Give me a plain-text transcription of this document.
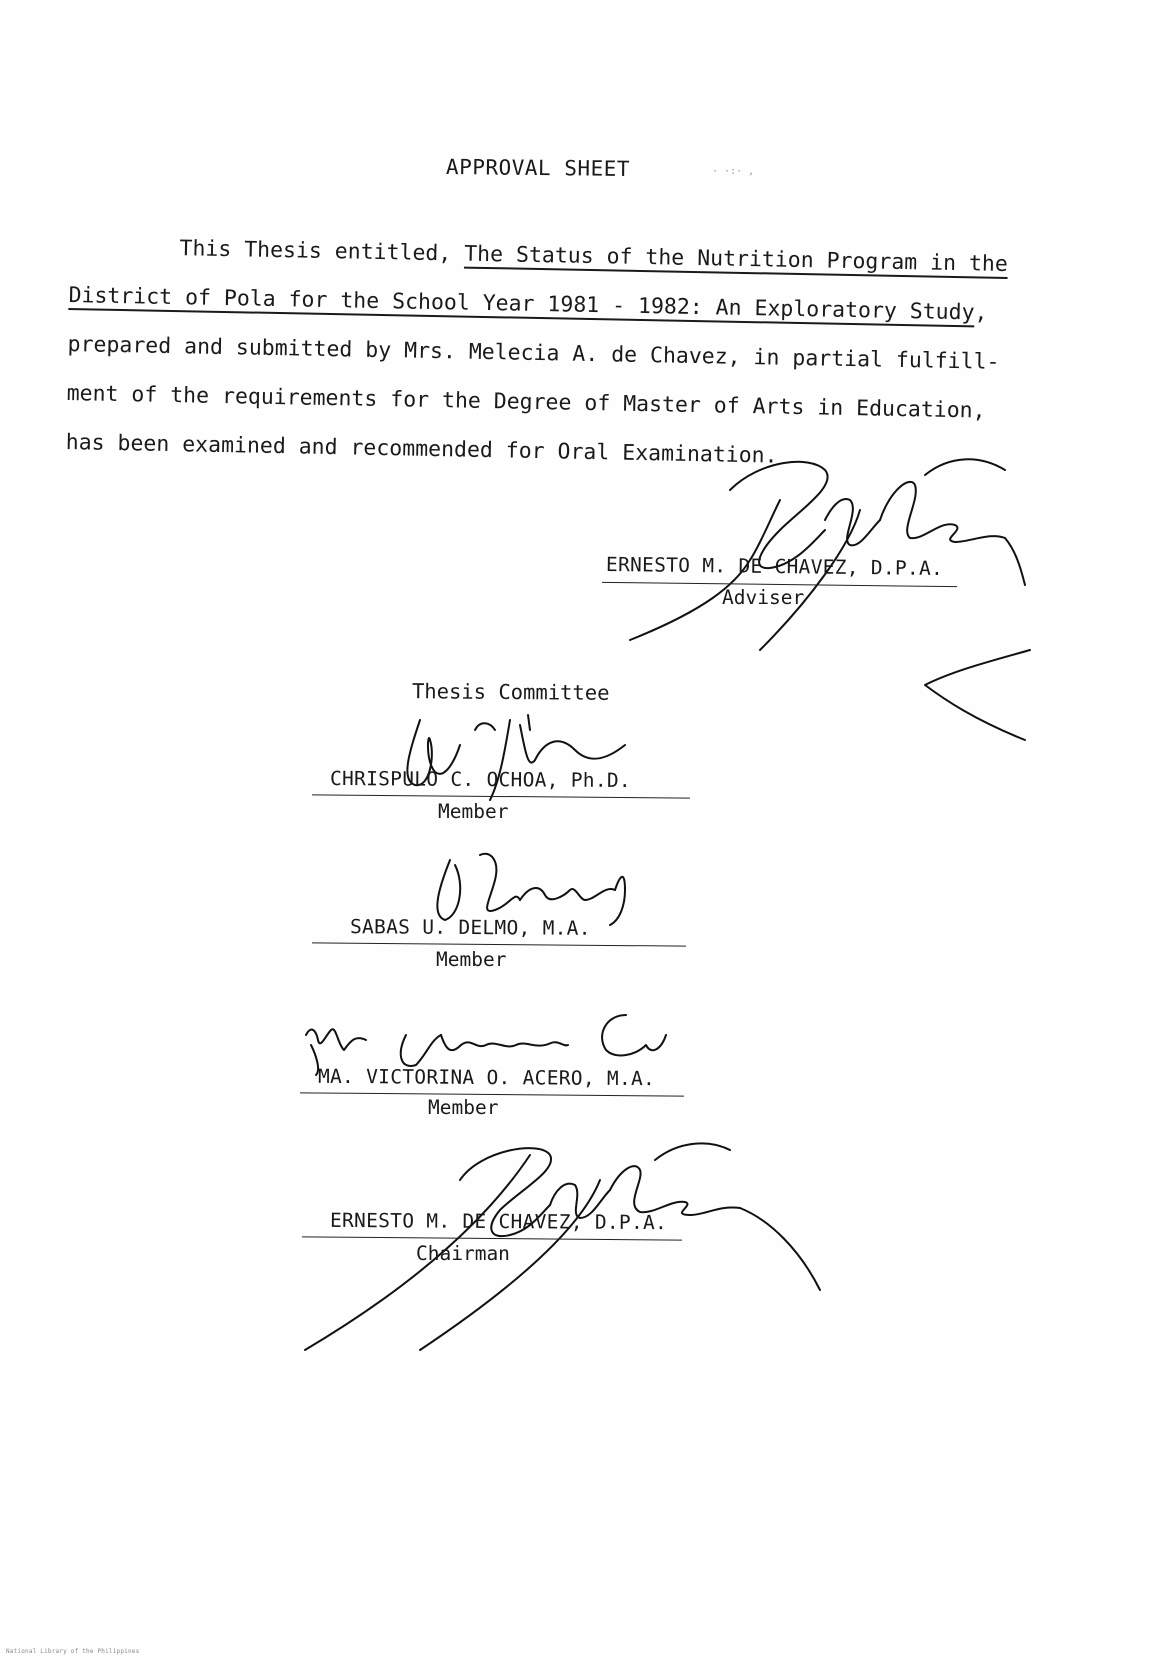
APPROVAL SHEET	· ·:· ,
This Thesis entitled, The Status of the Nutrition Program in the
District of Pola for the School Year 1981 - 1982: An Exploratory Study,
prepared and submitted by Mrs. Melecia A. de Chavez, in partial fulfill-
ment of the requirements for the Degree of Master of Arts in Education,
has been examined and recommended for Oral Examination.
ERNESTO M. DE CHAVEZ, D.P.A.
Adviser
Thesis Committee
CHRISPULO C. OCHOA, Ph.D.
Member
SABAS U. DELMO, M.A.
Member
MA. VICTORINA O. ACERO, M.A.
Member
ERNESTO M. DE CHAVEZ, D.P.A.
Chairman
National Library of the Philippines
